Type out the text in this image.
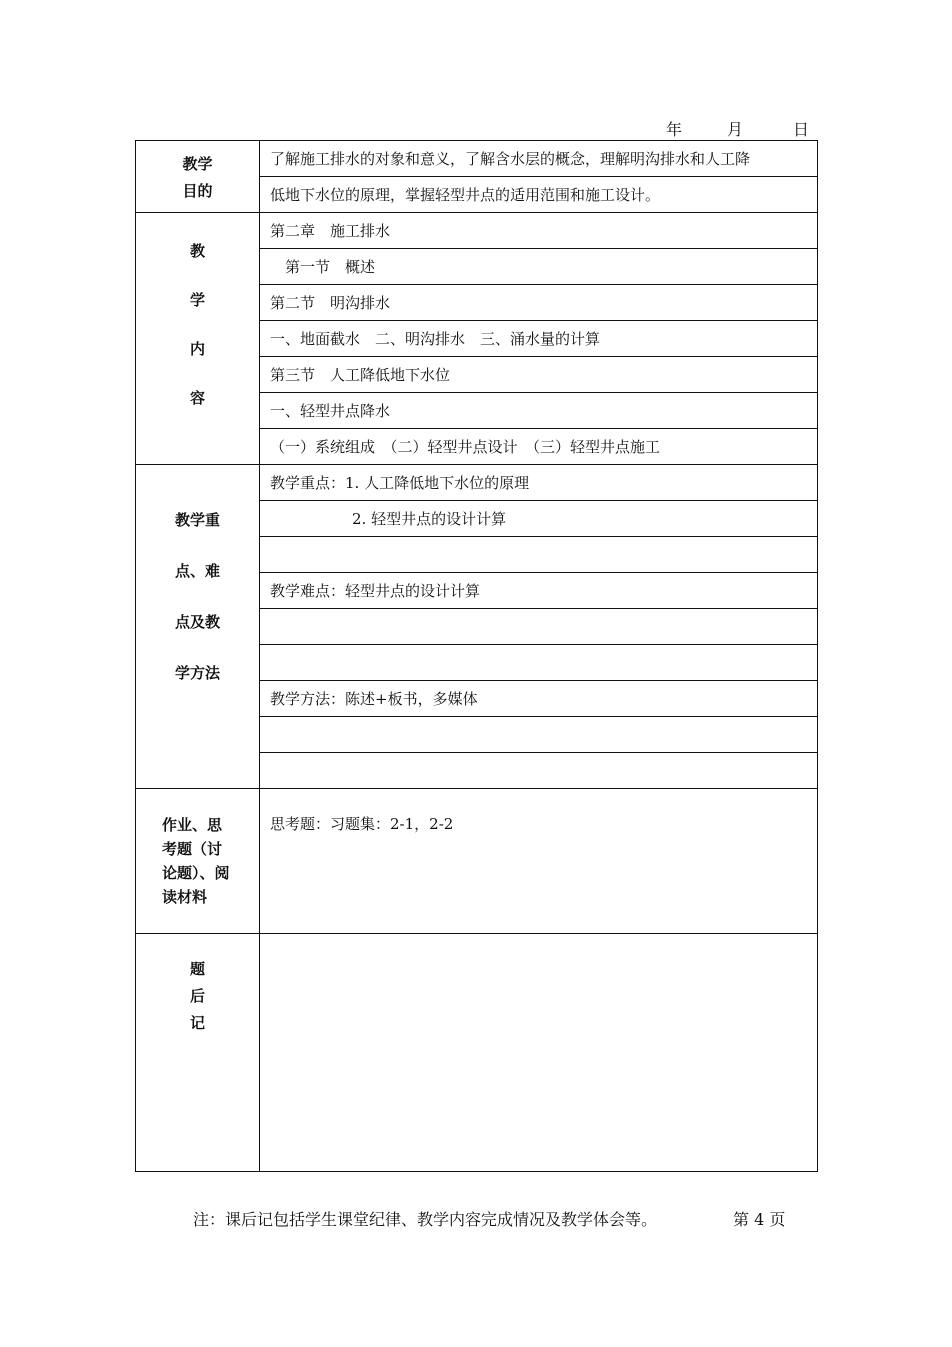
年	月	日
教学
目的	了解施工排水的对象和意义，了解含水层的概念，理解明沟排水和人工降
	低地下水位的原理，掌握轻型井点的适用范围和施工设计。

教
学
内
容	第二章　施工排水
	　第一节　概述
	第二节　明沟排水
	一、地面截水　二、明沟排水　三、涌水量的计算
	第三节　人工降低地下水位
	一、轻型井点降水
	（一）系统组成　（二）轻型井点设计　（三）轻型井点施工

教学重
点、难
点及教
学方法	教学重点：1. 人工降低地下水位的原理
	2. 轻型井点的设计计算

	教学难点：轻型井点的设计计算

	教学方法：陈述+板书，多媒体

作业、思
考题（讨
论题）、阅
读材料	思考题：习题集：2-1，2-2

题
后
记	

注：课后记包括学生课堂纪律、教学内容完成情况及教学体会等。	第 4 页
